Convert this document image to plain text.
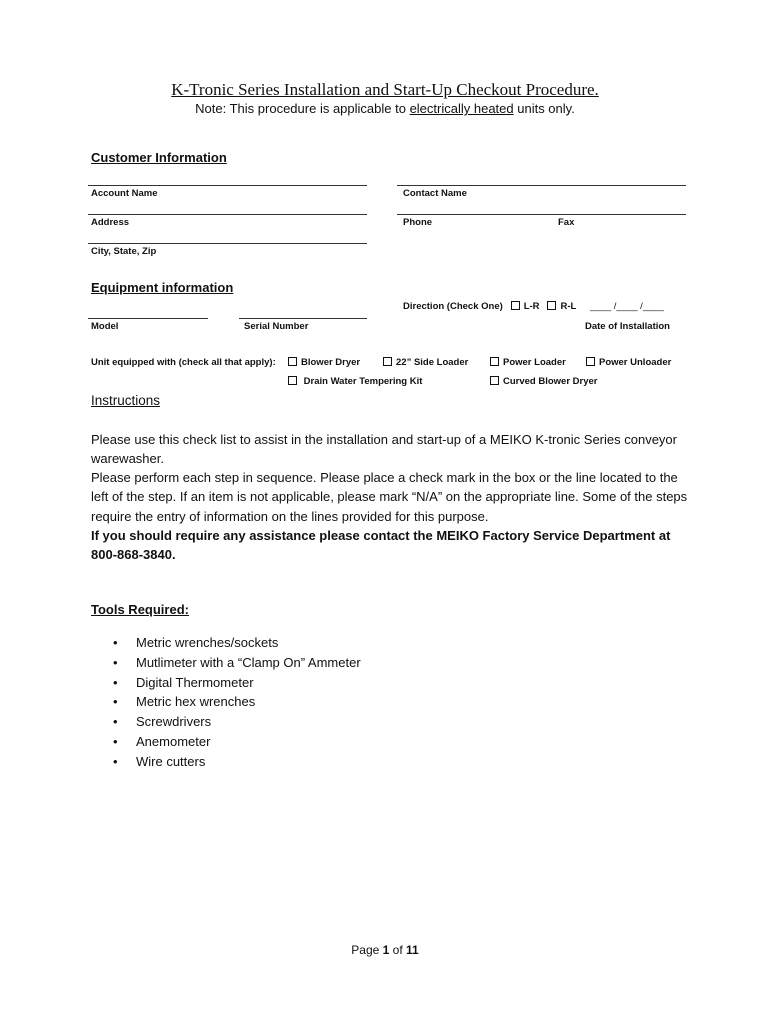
K-Tronic Series Installation and Start-Up Checkout Procedure.
Note: This procedure is applicable to electrically heated units only.
Customer Information
Account Name	Contact Name
Address	Phone	Fax
City, State, Zip
Equipment information
Direction (Check One) L-R R-L ____ /____ /____
Model	Serial Number	Date of Installation
Unit equipped with (check all that apply):	Blower Dryer	22” Side Loader	Power Loader	Power Unloader
Drain Water Tempering Kit	Curved Blower Dryer
Instructions
Please use this check list to assist in the installation and start-up of a MEIKO K-tronic Series conveyor warewasher.
Please perform each step in sequence. Please place a check mark in the box or the line located to the left of the step. If an item is not applicable, please mark “N/A” on the appropriate line. Some of the steps require the entry of information on the lines provided for this purpose.
If you should require any assistance please contact the MEIKO Factory Service Department at 800-868-3840.
Tools Required:
• Metric wrenches/sockets
• Mutlimeter with a “Clamp On” Ammeter
• Digital Thermometer
• Metric hex wrenches
• Screwdrivers
• Anemometer
• Wire cutters
Page 1 of 11
